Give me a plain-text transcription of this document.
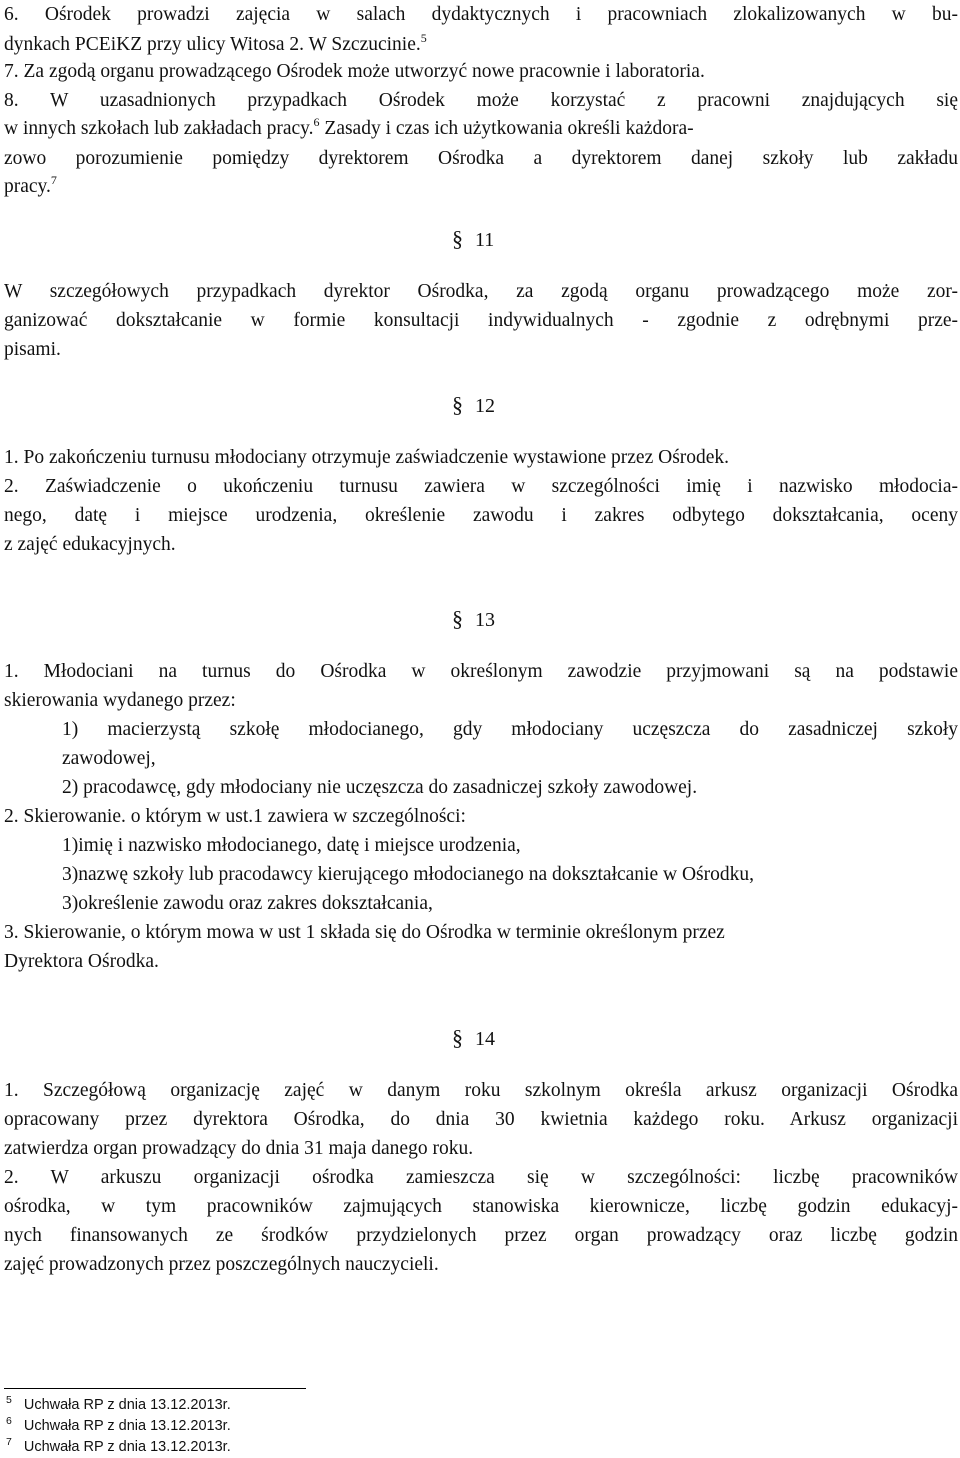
6. Ośrodek prowadzi zajęcia w salach dydaktycznych i pracowniach zlokalizowanych w bu-
dynkach PCEiKZ przy ulicy Witosa 2. W Szczucinie.$^5$
7. Za zgodą organu prowadzącego Ośrodek może utworzyć nowe pracownie i laboratoria.
8. W uzasadnionych przypadkach Ośrodek może korzystać z pracowni znajdujących się
w innych szkołach lub zakładach pracy.$^6$ Zasady i czas ich użytkowania określi każdora-
zowo porozumienie pomiędzy dyrektorem Ośrodka a dyrektorem danej szkoły lub zakładu
pracy.$^7$
§ 11
W szczegółowych przypadkach dyrektor Ośrodka, za zgodą organu prowadzącego może zor-
ganizować dokształcanie w formie konsultacji indywidualnych - zgodnie z odrębnymi prze-
pisami.
§ 12
1. Po zakończeniu turnusu młodociany otrzymuje zaświadczenie wystawione przez Ośrodek.
2. Zaświadczenie o ukończeniu turnusu zawiera w szczególności imię i nazwisko młodocia-
nego, datę i miejsce urodzenia, określenie zawodu i zakres odbytego dokształcania, oceny
z zajęć edukacyjnych.
§ 13
1. Młodociani na turnus do Ośrodka w określonym zawodzie przyjmowani są na podstawie
skierowania wydanego przez:
1) macierzystą szkołę młodocianego, gdy młodociany uczęszcza do zasadniczej szkoły
zawodowej,
2) pracodawcę, gdy młodociany nie uczęszcza do zasadniczej szkoły zawodowej.
2. Skierowanie. o którym w ust.1 zawiera w szczególności:
1)imię i nazwisko młodocianego, datę i miejsce urodzenia,
3)nazwę szkoły lub pracodawcy kierującego młodocianego na dokształcanie w Ośrodku,
3)określenie zawodu oraz zakres dokształcania,
3. Skierowanie, o którym mowa w ust 1 składa się do Ośrodka w terminie określonym przez
Dyrektora Ośrodka.
§ 14
1. Szczegółową organizację zajęć w danym roku szkolnym określa arkusz organizacji Ośrodka
opracowany przez dyrektora Ośrodka, do dnia 30 kwietnia każdego roku. Arkusz organizacji
zatwierdza organ prowadzący do dnia 31 maja danego roku.
2. W arkuszu organizacji ośrodka zamieszcza się w szczególności: liczbę pracowników
ośrodka, w tym pracowników zajmujących stanowiska kierownicze, liczbę godzin edukacyj-
nych finansowanych ze środków przydzielonych przez organ prowadzący oraz liczbę godzin
zajęć prowadzonych przez poszczególnych nauczycieli.
$^5$ Uchwała RP z dnia 13.12.2013r.
$^6$ Uchwała RP z dnia 13.12.2013r.
$^7$ Uchwała RP z dnia 13.12.2013r.
